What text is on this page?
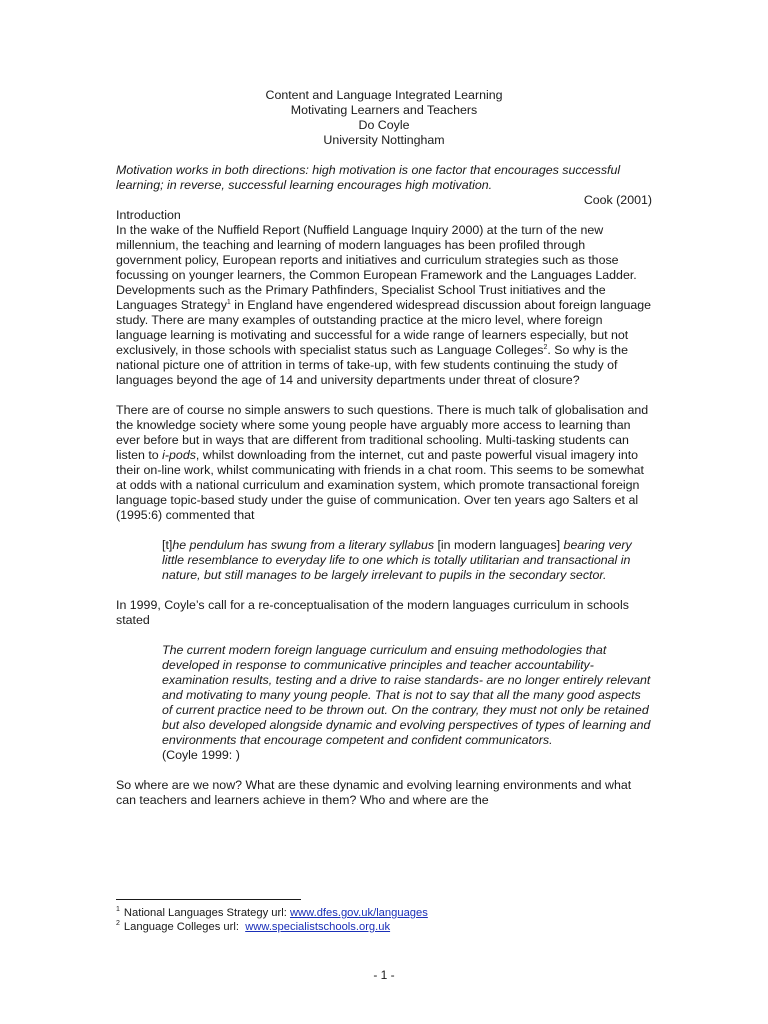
Content and Language Integrated Learning
Motivating Learners and Teachers
Do Coyle
University Nottingham

Motivation works in both directions: high motivation is one factor that encourages successful learning; in reverse, successful learning encourages high motivation.

Cook (2001)

Introduction

In the wake of the Nuffield Report (Nuffield Language Inquiry 2000) at the turn of the new millennium, the teaching and learning of modern languages has been profiled through government policy, European reports and initiatives and curriculum strategies such as those focussing on younger learners, the Common European Framework and the Languages Ladder. Developments such as the Primary Pathfinders, Specialist School Trust initiatives and the Languages Strategy$^1$ in England have engendered widespread discussion about foreign language study. There are many examples of outstanding practice at the micro level, where foreign language learning is motivating and successful for a wide range of learners especially, but not exclusively, in those schools with specialist status such as Language Colleges$^2$. So why is the national picture one of attrition in terms of take-up, with few students continuing the study of languages beyond the age of 14 and university departments under threat of closure?

There are of course no simple answers to such questions. There is much talk of globalisation and the knowledge society where some young people have arguably more access to learning than ever before but in ways that are different from traditional schooling. Multi-tasking students can listen to i-pods, whilst downloading from the internet, cut and paste powerful visual imagery into their on-line work, whilst communicating with friends in a chat room. This seems to be somewhat at odds with a national curriculum and examination system, which promote transactional foreign language topic-based study under the guise of communication. Over ten years ago Salters et al (1995:6) commented that

[t]he pendulum has swung from a literary syllabus [in modern languages] bearing very little resemblance to everyday life to one which is totally utilitarian and transactional in nature, but still manages to be largely irrelevant to pupils in the secondary sector.

In 1999, Coyle’s call for a re-conceptualisation of the modern languages curriculum in schools stated

The current modern foreign language curriculum and ensuing methodologies that developed in response to communicative principles and teacher accountability- examination results, testing and a drive to raise standards- are no longer entirely relevant and motivating to many young people. That is not to say that all the many good aspects of current practice need to be thrown out. On the contrary, they must not only be retained but also developed alongside dynamic and evolving perspectives of types of learning and environments that encourage competent and confident communicators.
(Coyle 1999: )

So where are we now? What are these dynamic and evolving learning environments and what can teachers and learners achieve in them? Who and where are the

$^1$ National Languages Strategy url: www.dfes.gov.uk/languages
$^2$ Language Colleges url:  www.specialistschools.org.uk
- 1 -
